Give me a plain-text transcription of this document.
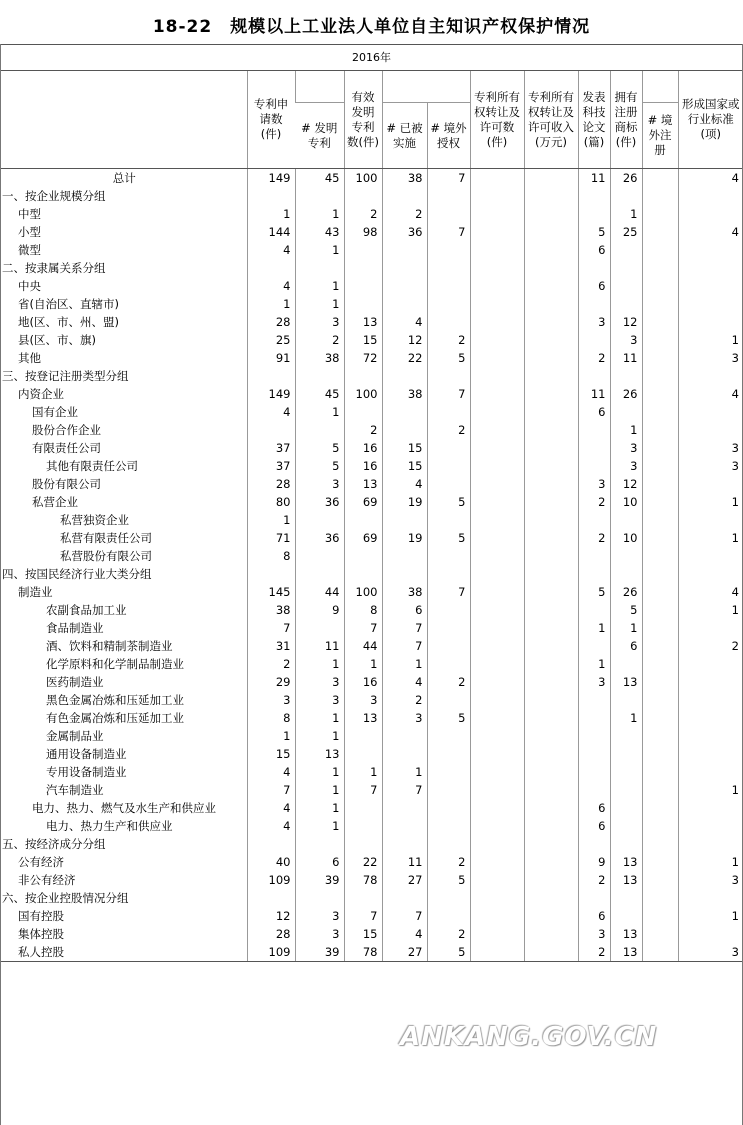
18-22 规模以上工业法人单位自主知识产权保护情况
2016年

	专利申请数(件)		有效发明专利数(件)			专利所有权转让及许可数(件)	专利所有权转让及许可收入(万元)	发表科技论文(篇)	拥有注册商标(件)		形成国家或行业标准(项)

		# 发明专利		# 已被实施	# 境外授权					# 境外注册	

总计	149	45	100	38	7			11	26		4
一、按企业规模分组											
中型	1	1	2	2					1		
小型	144	43	98	36	7			5	25		4
微型	4	1						6			
二、按隶属关系分组											
中央	4	1						6			
省(自治区、直辖市)	1	1									
地(区、市、州、盟)	28	3	13	4				3	12		
县(区、市、旗)	25	2	15	12	2				3		1
其他	91	38	72	22	5			2	11		3
三、按登记注册类型分组											
内资企业	149	45	100	38	7			11	26		4
国有企业	4	1						6			
股份合作企业			2		2				1		
有限责任公司	37	5	16	15					3		3
其他有限责任公司	37	5	16	15					3		3
股份有限公司	28	3	13	4				3	12		
私营企业	80	36	69	19	5			2	10		1
私营独资企业	1										
私营有限责任公司	71	36	69	19	5			2	10		1
私营股份有限公司	8										
四、按国民经济行业大类分组											
制造业	145	44	100	38	7			5	26		4
农副食品加工业	38	9	8	6					5		1
食品制造业	7		7	7				1	1		
酒、饮料和精制茶制造业	31	11	44	7					6		2
化学原料和化学制品制造业	2	1	1	1				1			
医药制造业	29	3	16	4	2			3	13		
黑色金属冶炼和压延加工业	3	3	3	2							
有色金属冶炼和压延加工业	8	1	13	3	5				1		
金属制品业	1	1									
通用设备制造业	15	13									
专用设备制造业	4	1	1	1							
汽车制造业	7	1	7	7							1
电力、热力、燃气及水生产和供应业	4	1						6			
电力、热力生产和供应业	4	1						6			
五、按经济成分分组											
公有经济	40	6	22	11	2			9	13		1
非公有经济	109	39	78	27	5			2	13		3
六、按企业控股情况分组											
国有控股	12	3	7	7				6			1
集体控股	28	3	15	4	2			3	13		
私人控股	109	39	78	27	5			2	13		3
ANKANG.GOV.CN
